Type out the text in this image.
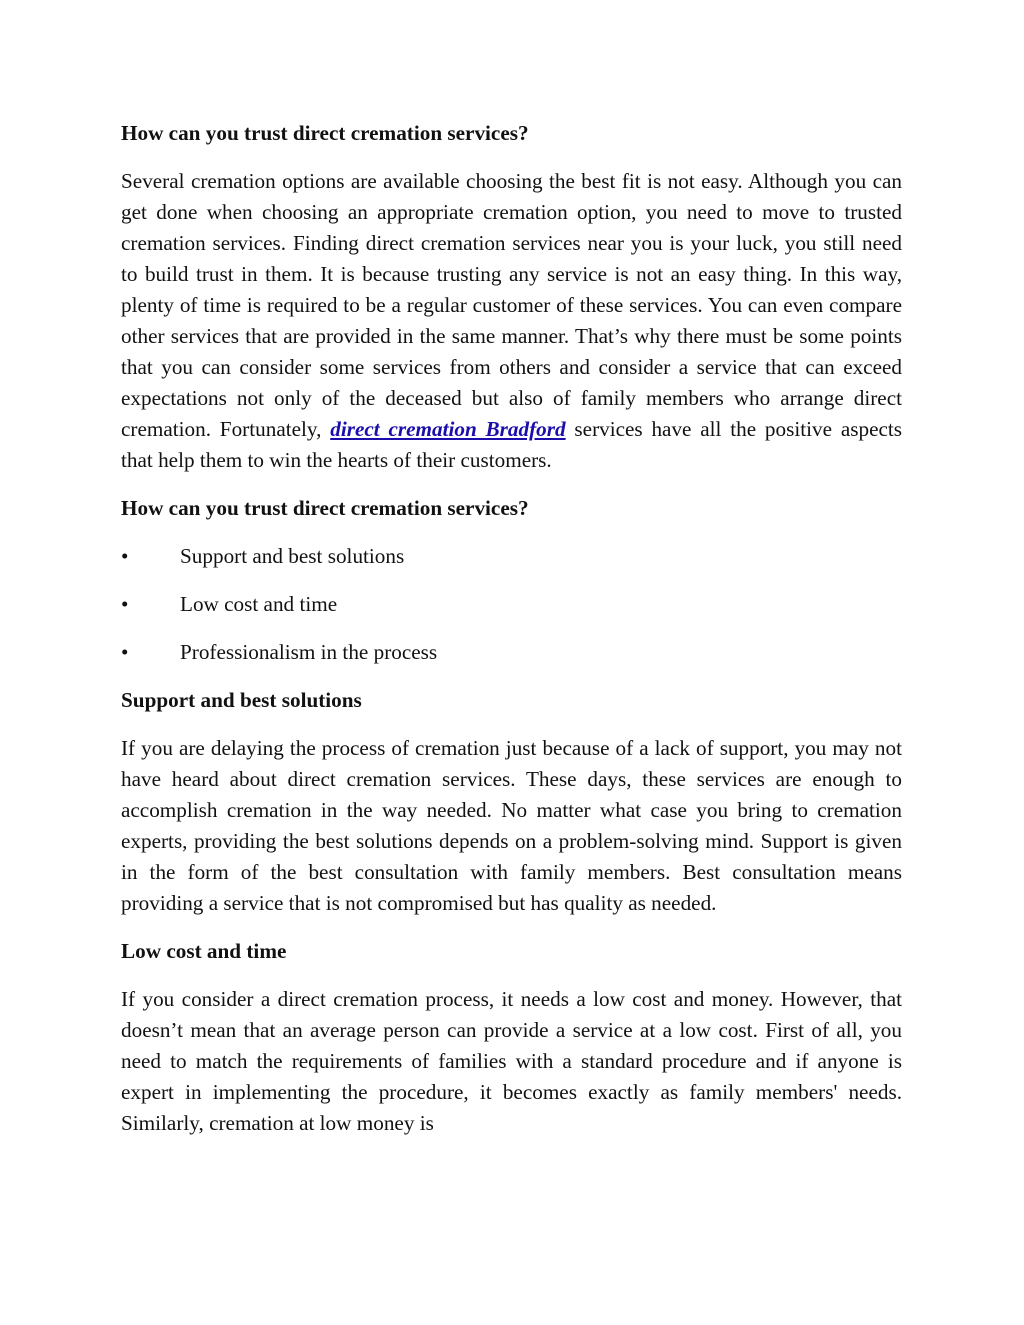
How can you trust direct cremation services?

Several cremation options are available choosing the best fit is not easy. Although you can get done when choosing an appropriate cremation option, you need to move to trusted cremation services. Finding direct cremation services near you is your luck, you still need to build trust in them. It is because trusting any service is not an easy thing. In this way, plenty of time is required to be a regular customer of these services. You can even compare other services that are provided in the same manner. That’s why there must be some points that you can consider some services from others and consider a service that can exceed expectations not only of the deceased but also of family members who arrange direct cremation. Fortunately, direct cremation Bradford services have all the positive aspects that help them to win the hearts of their customers.

How can you trust direct cremation services?

•	Support and best solutions
•	Low cost and time
•	Professionalism in the process

Support and best solutions

If you are delaying the process of cremation just because of a lack of support, you may not have heard about direct cremation services. These days, these services are enough to accomplish cremation in the way needed. No matter what case you bring to cremation experts, providing the best solutions depends on a problem-solving mind. Support is given in the form of the best consultation with family members. Best consultation means providing a service that is not compromised but has quality as needed.

Low cost and time

If you consider a direct cremation process, it needs a low cost and money. However, that doesn’t mean that an average person can provide a service at a low cost. First of all, you need to match the requirements of families with a standard procedure and if anyone is expert in implementing the procedure, it becomes exactly as family members' needs. Similarly, cremation at low money is
